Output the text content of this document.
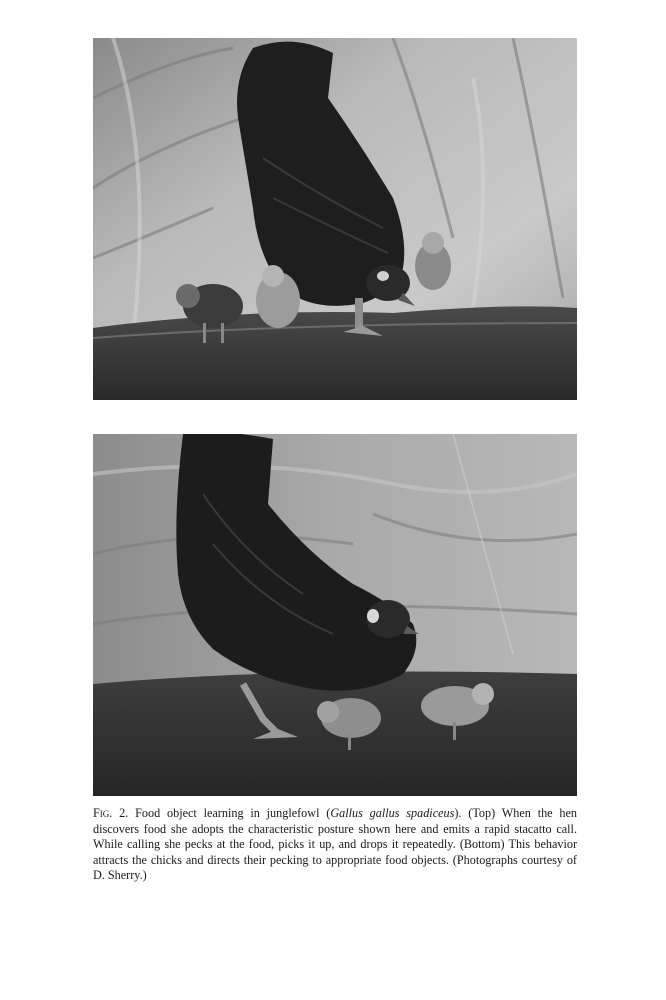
Fig. 2. Food object learning in junglefowl (Gallus gallus spadiceus). (Top) When the hen discovers food she adopts the characteristic posture shown here and emits a rapid stacatto call. While calling she pecks at the food, picks it up, and drops it repeatedly. (Bottom) This behavior attracts the chicks and directs their pecking to appropriate food objects. (Photographs courtesy of D. Sherry.)
